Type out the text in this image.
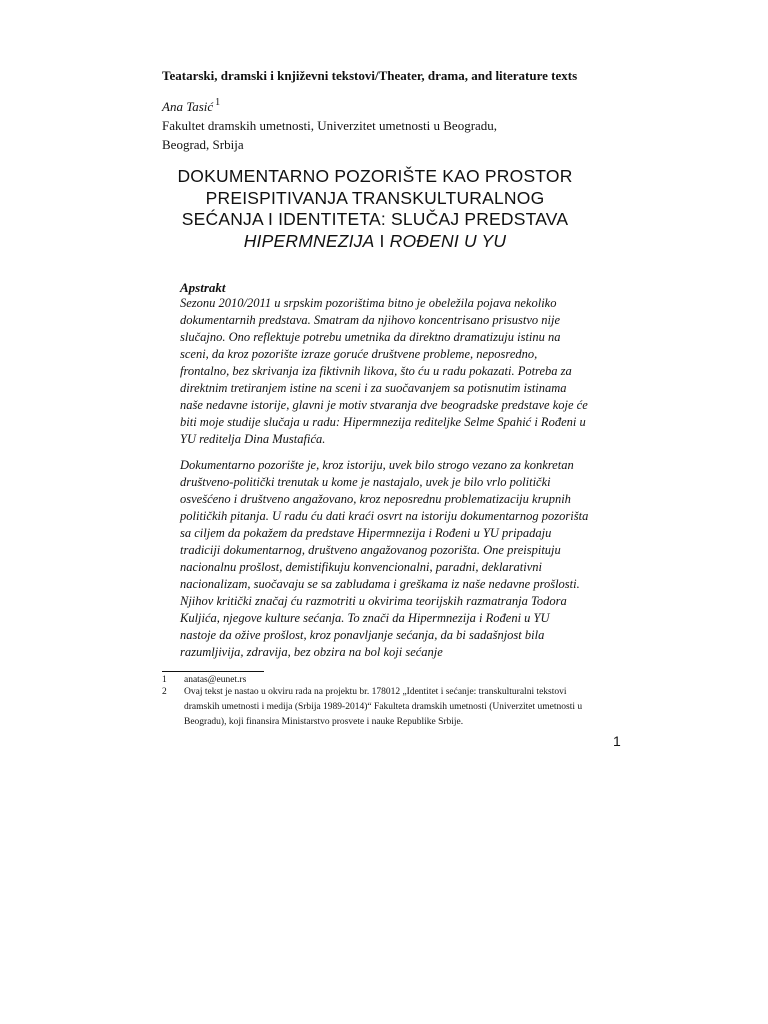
Teatarski, dramski i književni tekstovi/Theater, drama, and literature texts
Ana Tasić $^1$
Fakultet dramskih umetnosti, Univerzitet umetnosti u Beogradu,
Beograd, Srbija
DOKUMENTARNO POZORIŠTE KAO PROSTOR
PREISPITIVANJA TRANSKULTURALNOG
SEĆANJA I IDENTITETA: SLUČAJ PREDSTAVA
HIPERMNEZIJA I ROĐENI U YU
Apstrakt
Sezonu 2010/2011 u srpskim pozorištima bitno je obeležila pojava nekoliko
dokumentarnih predstava. Smatram da njihovo koncentrisano prisustvo nije
slučajno. Ono reflektuje potrebu umetnika da direktno dramatizuju istinu na
sceni, da kroz pozorište izraze goruće društvene probleme, neposredno,
frontalno, bez skrivanja iza fiktivnih likova, što ću u radu pokazati. Potreba za
direktnim tretiranjem istine na sceni i za suočavanjem sa potisnutim istinama
naše nedavne istorije, glavni je motiv stvaranja dve beogradske predstave koje će
biti moje studije slučaja u radu: Hipermnezija rediteljke Selme Spahić i Rođeni u
YU reditelja Dina Mustafića.
Dokumentarno pozorište je, kroz istoriju, uvek bilo strogo vezano za konkretan
društveno-politički trenutak u kome je nastajalo, uvek je bilo vrlo politički
osvešćeno i društveno angažovano, kroz neposrednu problematizaciju krupnih
političkih pitanja. U radu ću dati kraći osvrt na istoriju dokumentarnog pozorišta
sa ciljem da pokažem da predstave Hipermnezija i Rođeni u YU pripadaju
tradiciji dokumentarnog, društveno angažovanog pozorišta. One preispituju
nacionalnu prošlost, demistifikuju konvencionalni, paradni, deklarativni
nacionalizam, suočavaju se sa zabludama i greškama iz naše nedavne prošlosti.
Njihov kritički značaj ću razmotriti u okvirima teorijskih razmatranja Todora
Kuljića, njegove kulture sećanja. To znači da Hipermnezija i Rođeni u YU
nastoje da ožive prošlost, kroz ponavljanje sećanja, da bi sadašnjost bila
razumljivija, zdravija, bez obzira na bol koji sećanje
1 anatas@eunet.rs
2 Ovaj tekst je nastao u okviru rada na projektu br. 178012 „Identitet i sećanje: transkulturalni tekstovi
dramskih umetnosti i medija (Srbija 1989-2014)“ Fakulteta dramskih umetnosti (Univerzitet umetnosti u
Beogradu), koji finansira Ministarstvo prosvete i nauke Republike Srbije.
1
